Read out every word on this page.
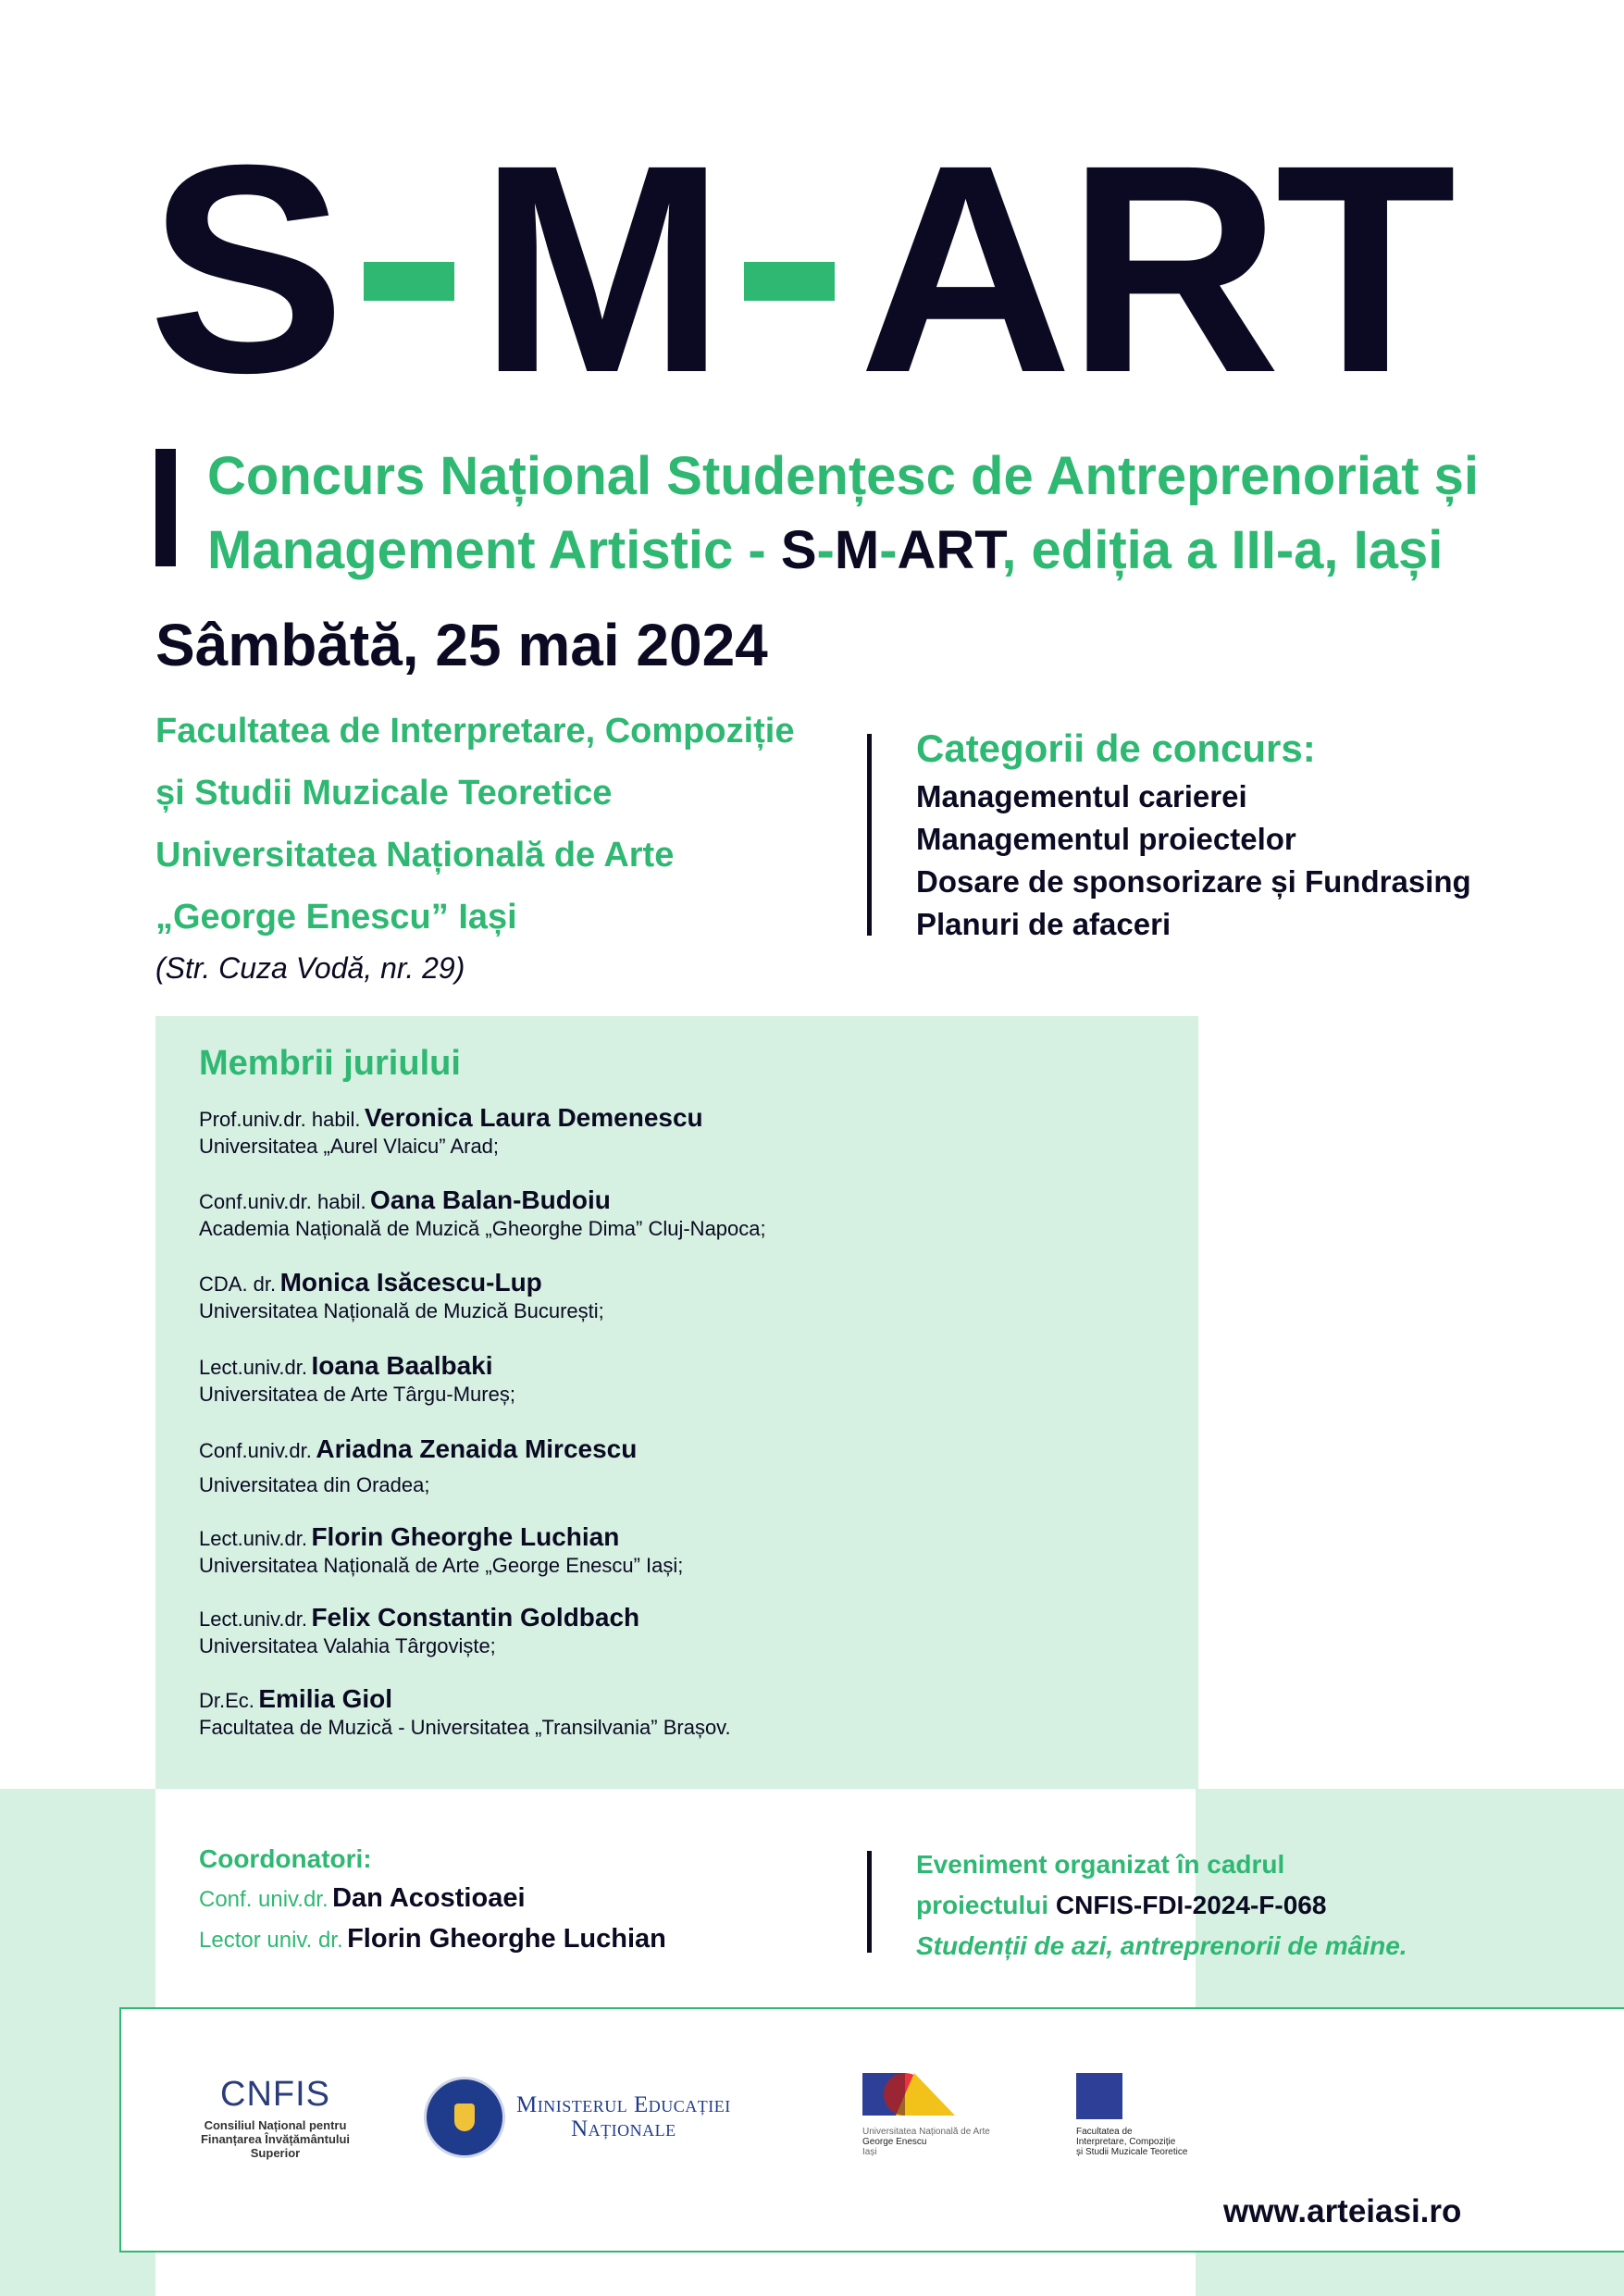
S M ART
Concurs Național Studențesc de Antreprenoriat și
Management Artistic - S-M-ART, ediția a III-a, Iași
Sâmbătă, 25 mai 2024
Facultatea de Interpretare, Compoziție
și Studii Muzicale Teoretice
Universitatea Națională de Arte
„George Enescu” Iași
(Str. Cuza Vodă, nr. 29)
Categorii de concurs:
Managementul carierei
Managementul proiectelor
Dosare de sponsorizare și Fundrasing
Planuri de afaceri
Membrii juriului
Prof.univ.dr. habil. Veronica Laura Demenescu
Universitatea „Aurel Vlaicu” Arad;
Conf.univ.dr. habil. Oana Balan-Budoiu
Academia Națională de Muzică „Gheorghe Dima” Cluj-Napoca;
CDA. dr. Monica Isăcescu-Lup
Universitatea Națională de Muzică București;
Lect.univ.dr. Ioana Baalbaki
Universitatea de Arte Târgu-Mureș;
Conf.univ.dr. Ariadna Zenaida Mircescu
Universitatea din Oradea;
Lect.univ.dr. Florin Gheorghe Luchian
Universitatea Națională de Arte „George Enescu” Iași;
Lect.univ.dr. Felix Constantin Goldbach
Universitatea Valahia Târgoviște;
Dr.Ec. Emilia Giol
Facultatea de Muzică - Universitatea „Transilvania” Brașov.
Coordonatori:
Conf. univ.dr. Dan Acostioaei
Lector univ. dr. Florin Gheorghe Luchian
Eveniment organizat în cadrul
proiectului CNFIS-FDI-2024-F-068
Studenții de azi, antreprenorii de mâine.
CNFIS
Consiliul Național pentru
Finanțarea Învățământului
Superior
Ministerul Educației
Naționale	Universitatea Națională de Arte
George Enescu
Iași
Facultatea de
Interpretare, Compoziție
și Studii Muzicale Teoretice
www.arteiasi.ro
